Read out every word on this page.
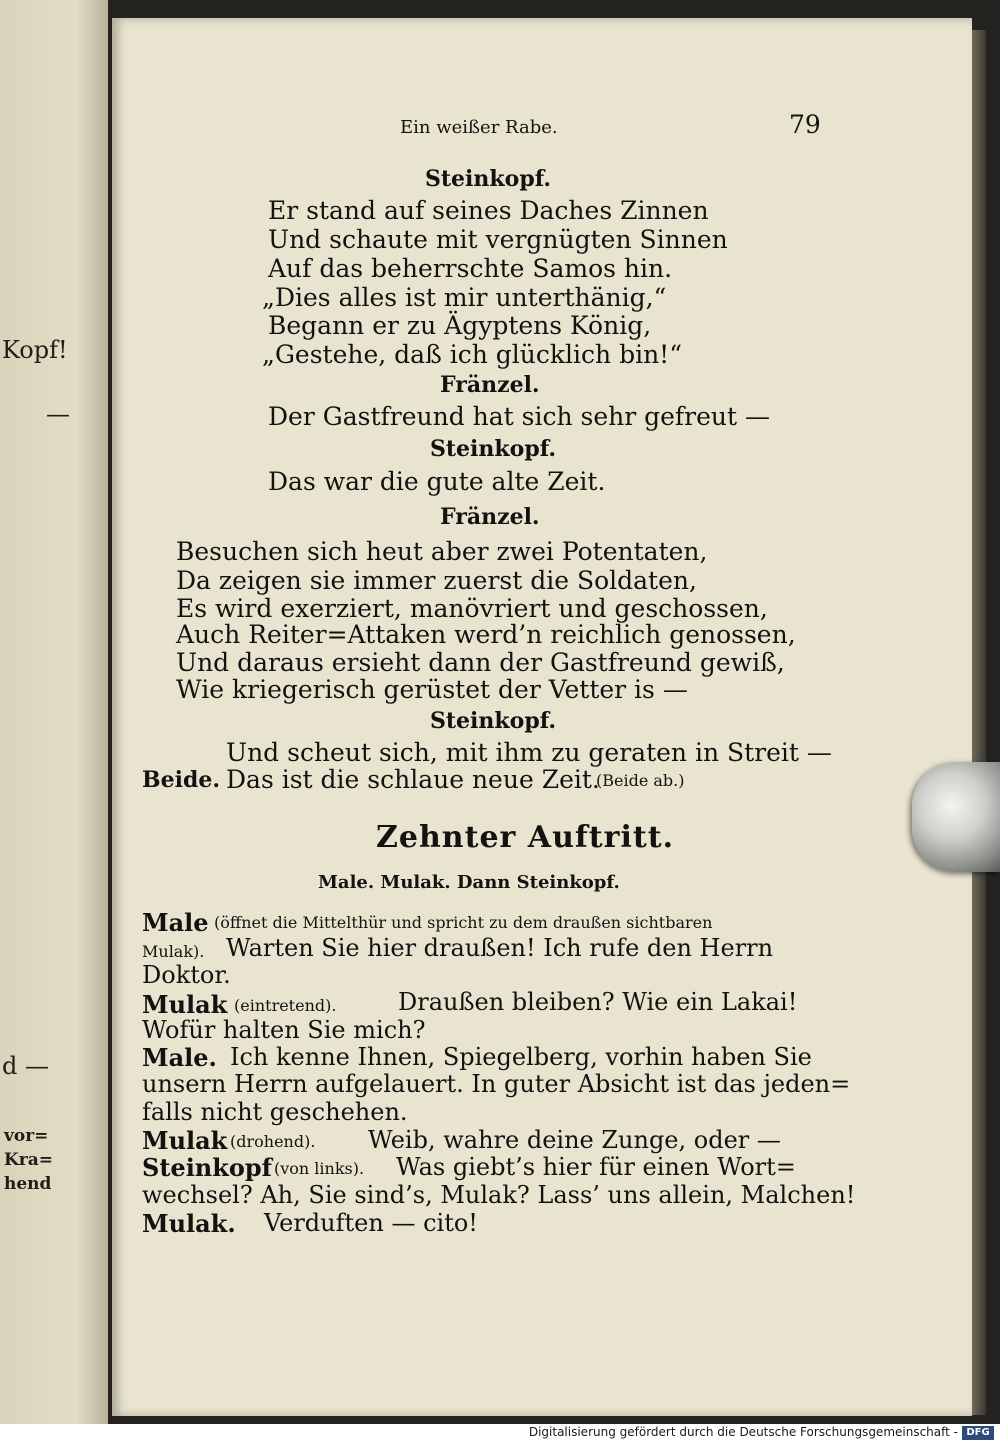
Kopf!
—
d —
vor=
Kra=
hend
Ein weißer Rabe.	79
Steinkopf.
Er stand auf seines Daches Zinnen
Und schaute mit vergnügten Sinnen
Auf das beherrschte Samos hin.
„Dies alles ist mir unterthänig,“
Begann er zu Ägyptens König,
„Gestehe, daß ich glücklich bin!“
Fränzel.
Der Gastfreund hat sich sehr gefreut —
Steinkopf.
Das war die gute alte Zeit.
Fränzel.
Besuchen sich heut aber zwei Potentaten,
Da zeigen sie immer zuerst die Soldaten,
Es wird exerziert, manövriert und geschossen,
Auch Reiter=Attaken werd’n reichlich genossen,
Und daraus ersieht dann der Gastfreund gewiß,
Wie kriegerisch gerüstet der Vetter is —
Steinkopf.
Und scheut sich, mit ihm zu geraten in Streit —
Beide. Das ist die schlaue neue Zeit.
(Beide ab.)
Zehnter Auftritt.
Male. Mulak. Dann Steinkopf.
Male (öffnet die Mittelthür und spricht zu dem draußen sichtbaren
Mulak). Warten Sie hier draußen! Ich rufe den Herrn
Doktor.
Mulak (eintretend).	Draußen bleiben? Wie ein Lakai!
Wofür halten Sie mich?
Male. Ich kenne Ihnen, Spiegelberg, vorhin haben Sie
unsern Herrn aufgelauert. In guter Absicht ist das jeden=
falls nicht geschehen.
Mulak (drohend). Weib, wahre deine Zunge, oder —
Steinkopf (von links). Was giebt’s hier für einen Wort=
wechsel? Ah, Sie sind’s, Mulak? Lass’ uns allein, Malchen!
Mulak. Verduften — cito!
Digitalisierung gefördert durch die Deutsche Forschungsgemeinschaft - DFG
